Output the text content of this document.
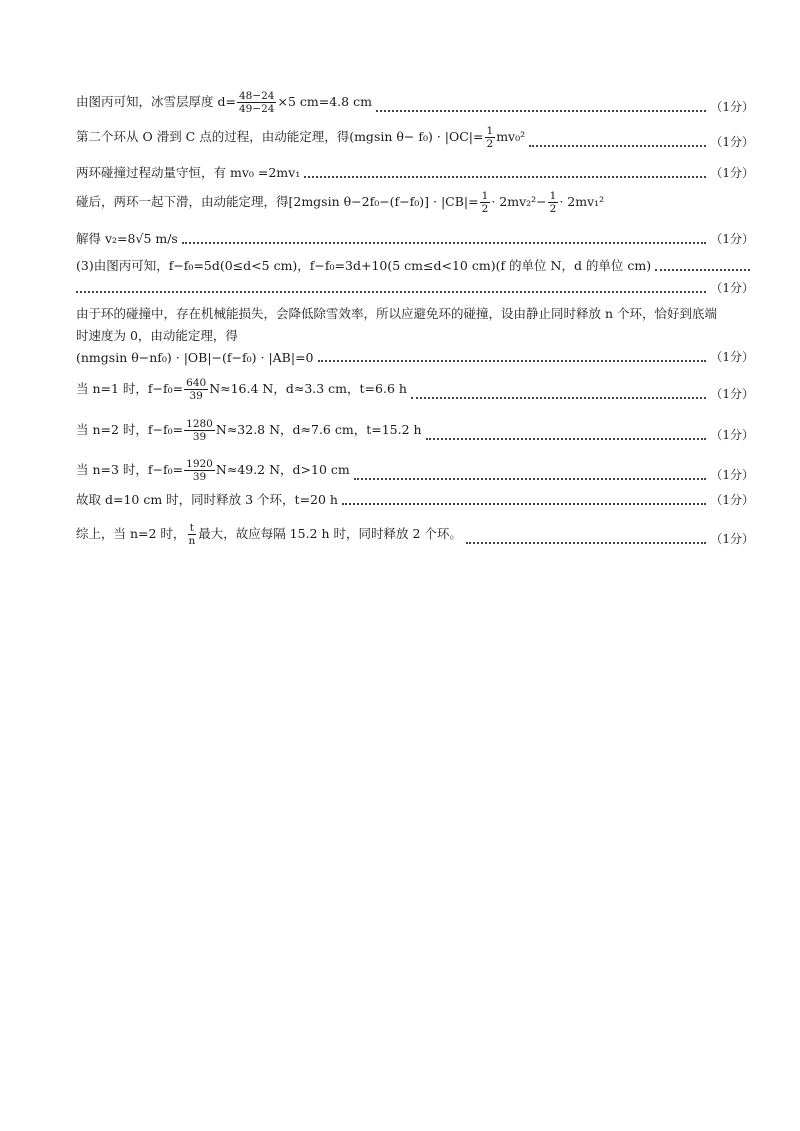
由图丙可知，冰雪层厚度 $d= \frac{48-24}{49-24} \times 5$ cm=4.8 cm	（1分）
第二个环从 O 滑到 C 点的过程，由动能定理，得(mgsin $\theta- f_0) \cdot |OC|= \frac{1}{2} mv_0^2$	（1分）
两环碰撞过程动量守恒，有 mv₀ =2mv₁	（1分）
碰后，两环一起下滑，由动能定理，得[2mgsin $\theta-2f_0-(f-f_0)] \cdot |CB|= \frac{1}{2} \cdot 2mv_2^2- \frac{1}{2} \cdot 2mv_1^2$
解得 v₂=8√5 m/s	（1分）
(3)由图丙可知，f−f₀=5d(0≤d<5 cm)，f−f₀=3d+10(5 cm≤d<10 cm)(f 的单位 N，d 的单位 cm)
（1分）
由于环的碰撞中，存在机械能损失，会降低除雪效率，所以应避免环的碰撞，设由静止同时释放 n 个环，恰好到底端
时速度为 0，由动能定理，得
(nmgsin θ−nf₀) · |OB|−(f−f₀) · |AB|=0	（1分）
当 n=1 时，$f-f_0= \frac{640}{39} N\approx 16.4$ N，d≈3.3 cm，t=6.6 h	（1分）
当 n=2 时，$f-f_0= \frac{1280}{39} N\approx 32.8$ N，d≈7.6 cm，t=15.2 h	（1分）
当 n=3 时，$f-f_0= \frac{1920}{39} N\approx 49.2$ N，d>10 cm	（1分）
故取 d=10 cm 时，同时释放 3 个环，t=20 h	（1分）
综上，当 n=2 时， $\frac{t}{n}$ 最大，故应每隔 15.2 h 时，同时释放 2 个环。	（1分）
